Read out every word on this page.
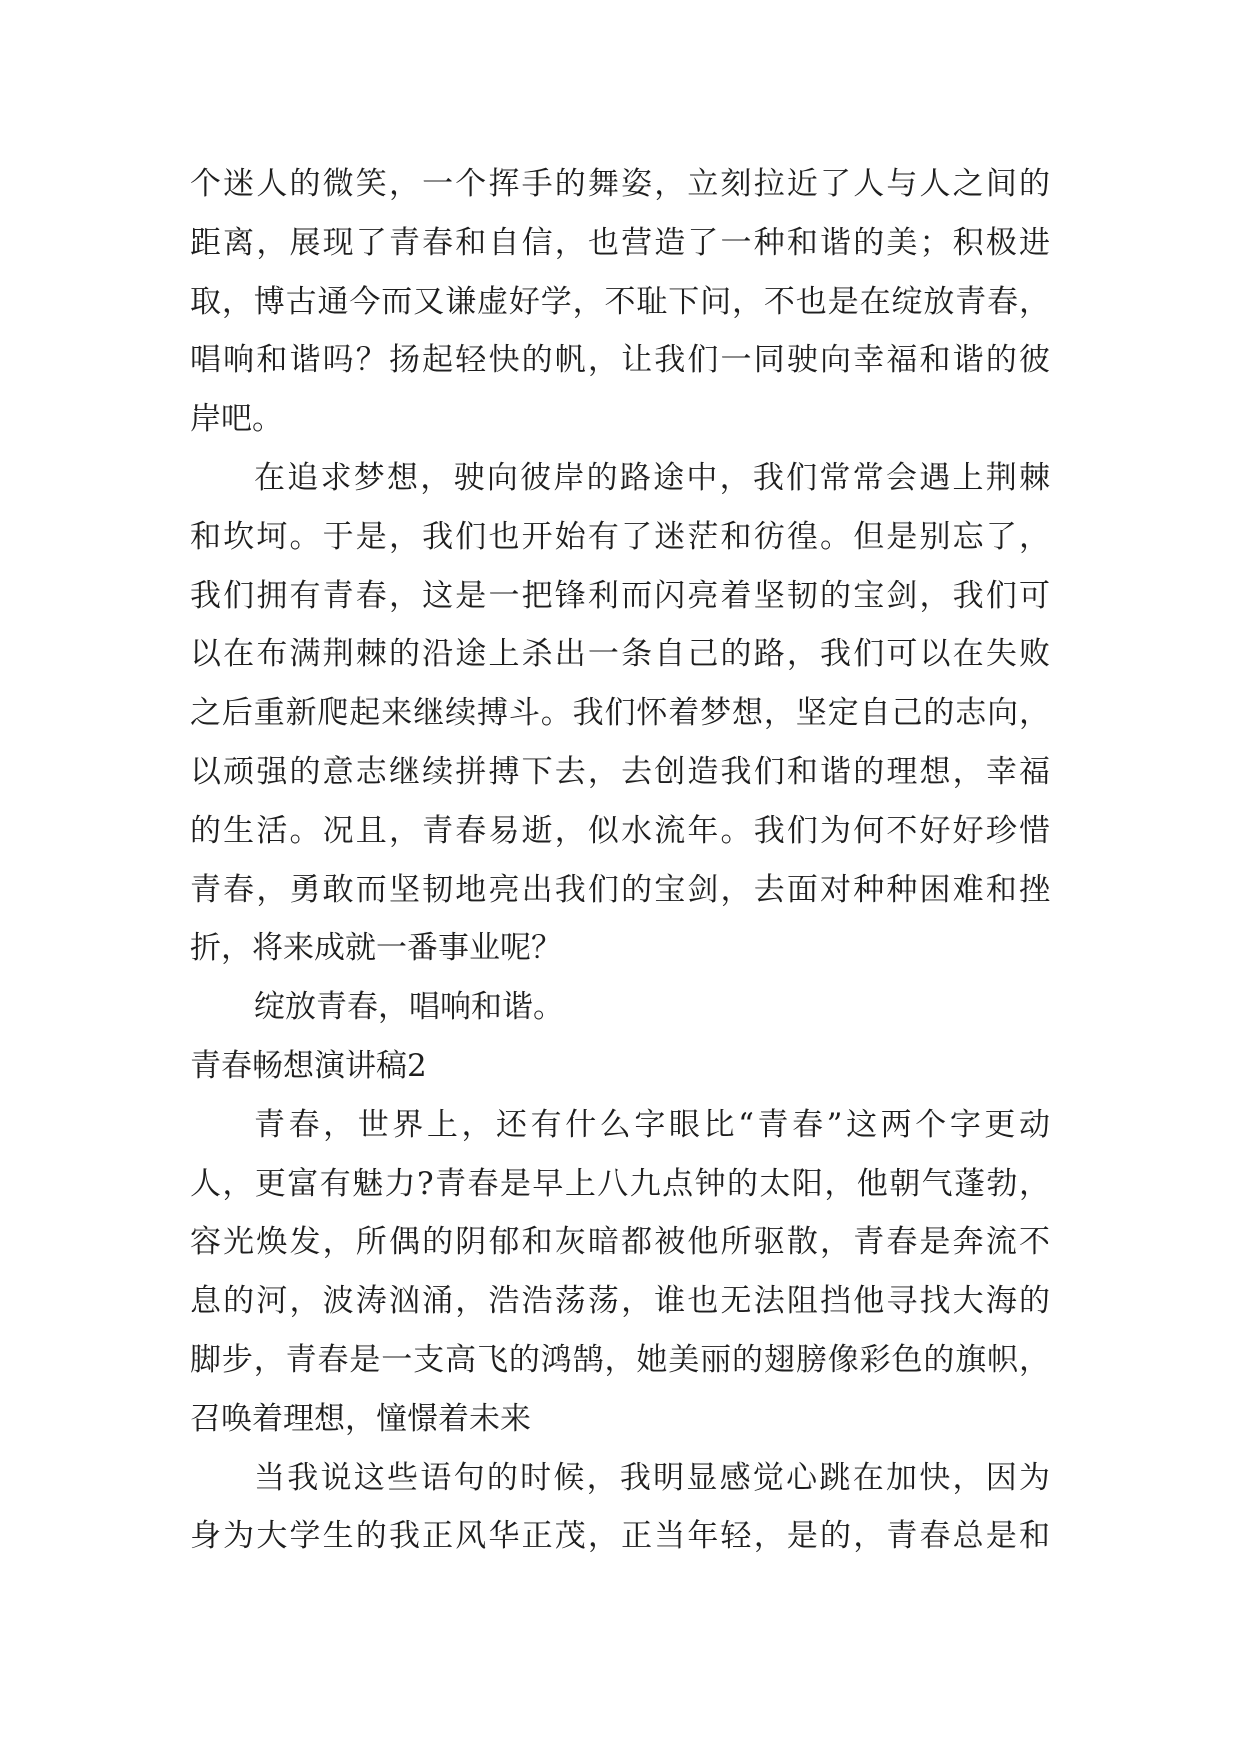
个迷人的微笑，一个挥手的舞姿，立刻拉近了人与人之间的
距离，展现了青春和自信，也营造了一种和谐的美；积极进
取，博古通今而又谦虚好学，不耻下问，不也是在绽放青春，
唱响和谐吗？扬起轻快的帆，让我们一同驶向幸福和谐的彼
岸吧。
在追求梦想，驶向彼岸的路途中，我们常常会遇上荆棘
和坎坷。于是，我们也开始有了迷茫和彷徨。但是别忘了，
我们拥有青春，这是一把锋利而闪亮着坚韧的宝剑，我们可
以在布满荆棘的沿途上杀出一条自己的路，我们可以在失败
之后重新爬起来继续搏斗。我们怀着梦想，坚定自己的志向，
以顽强的意志继续拼搏下去，去创造我们和谐的理想，幸福
的生活。况且，青春易逝，似水流年。我们为何不好好珍惜
青春，勇敢而坚韧地亮出我们的宝剑，去面对种种困难和挫
折，将来成就一番事业呢？
绽放青春，唱响和谐。
青春畅想演讲稿2
青春，世界上，还有什么字眼比“青春”这两个字更动
人，更富有魅力?青春是早上八九点钟的太阳，他朝气蓬勃，
容光焕发，所偶的阴郁和灰暗都被他所驱散，青春是奔流不
息的河，波涛汹涌，浩浩荡荡，谁也无法阻挡他寻找大海的
脚步，青春是一支高飞的鸿鹄，她美丽的翅膀像彩色的旗帜，
召唤着理想，憧憬着未来
当我说这些语句的时候，我明显感觉心跳在加快，因为
身为大学生的我正风华正茂，正当年轻，是的，青春总是和
